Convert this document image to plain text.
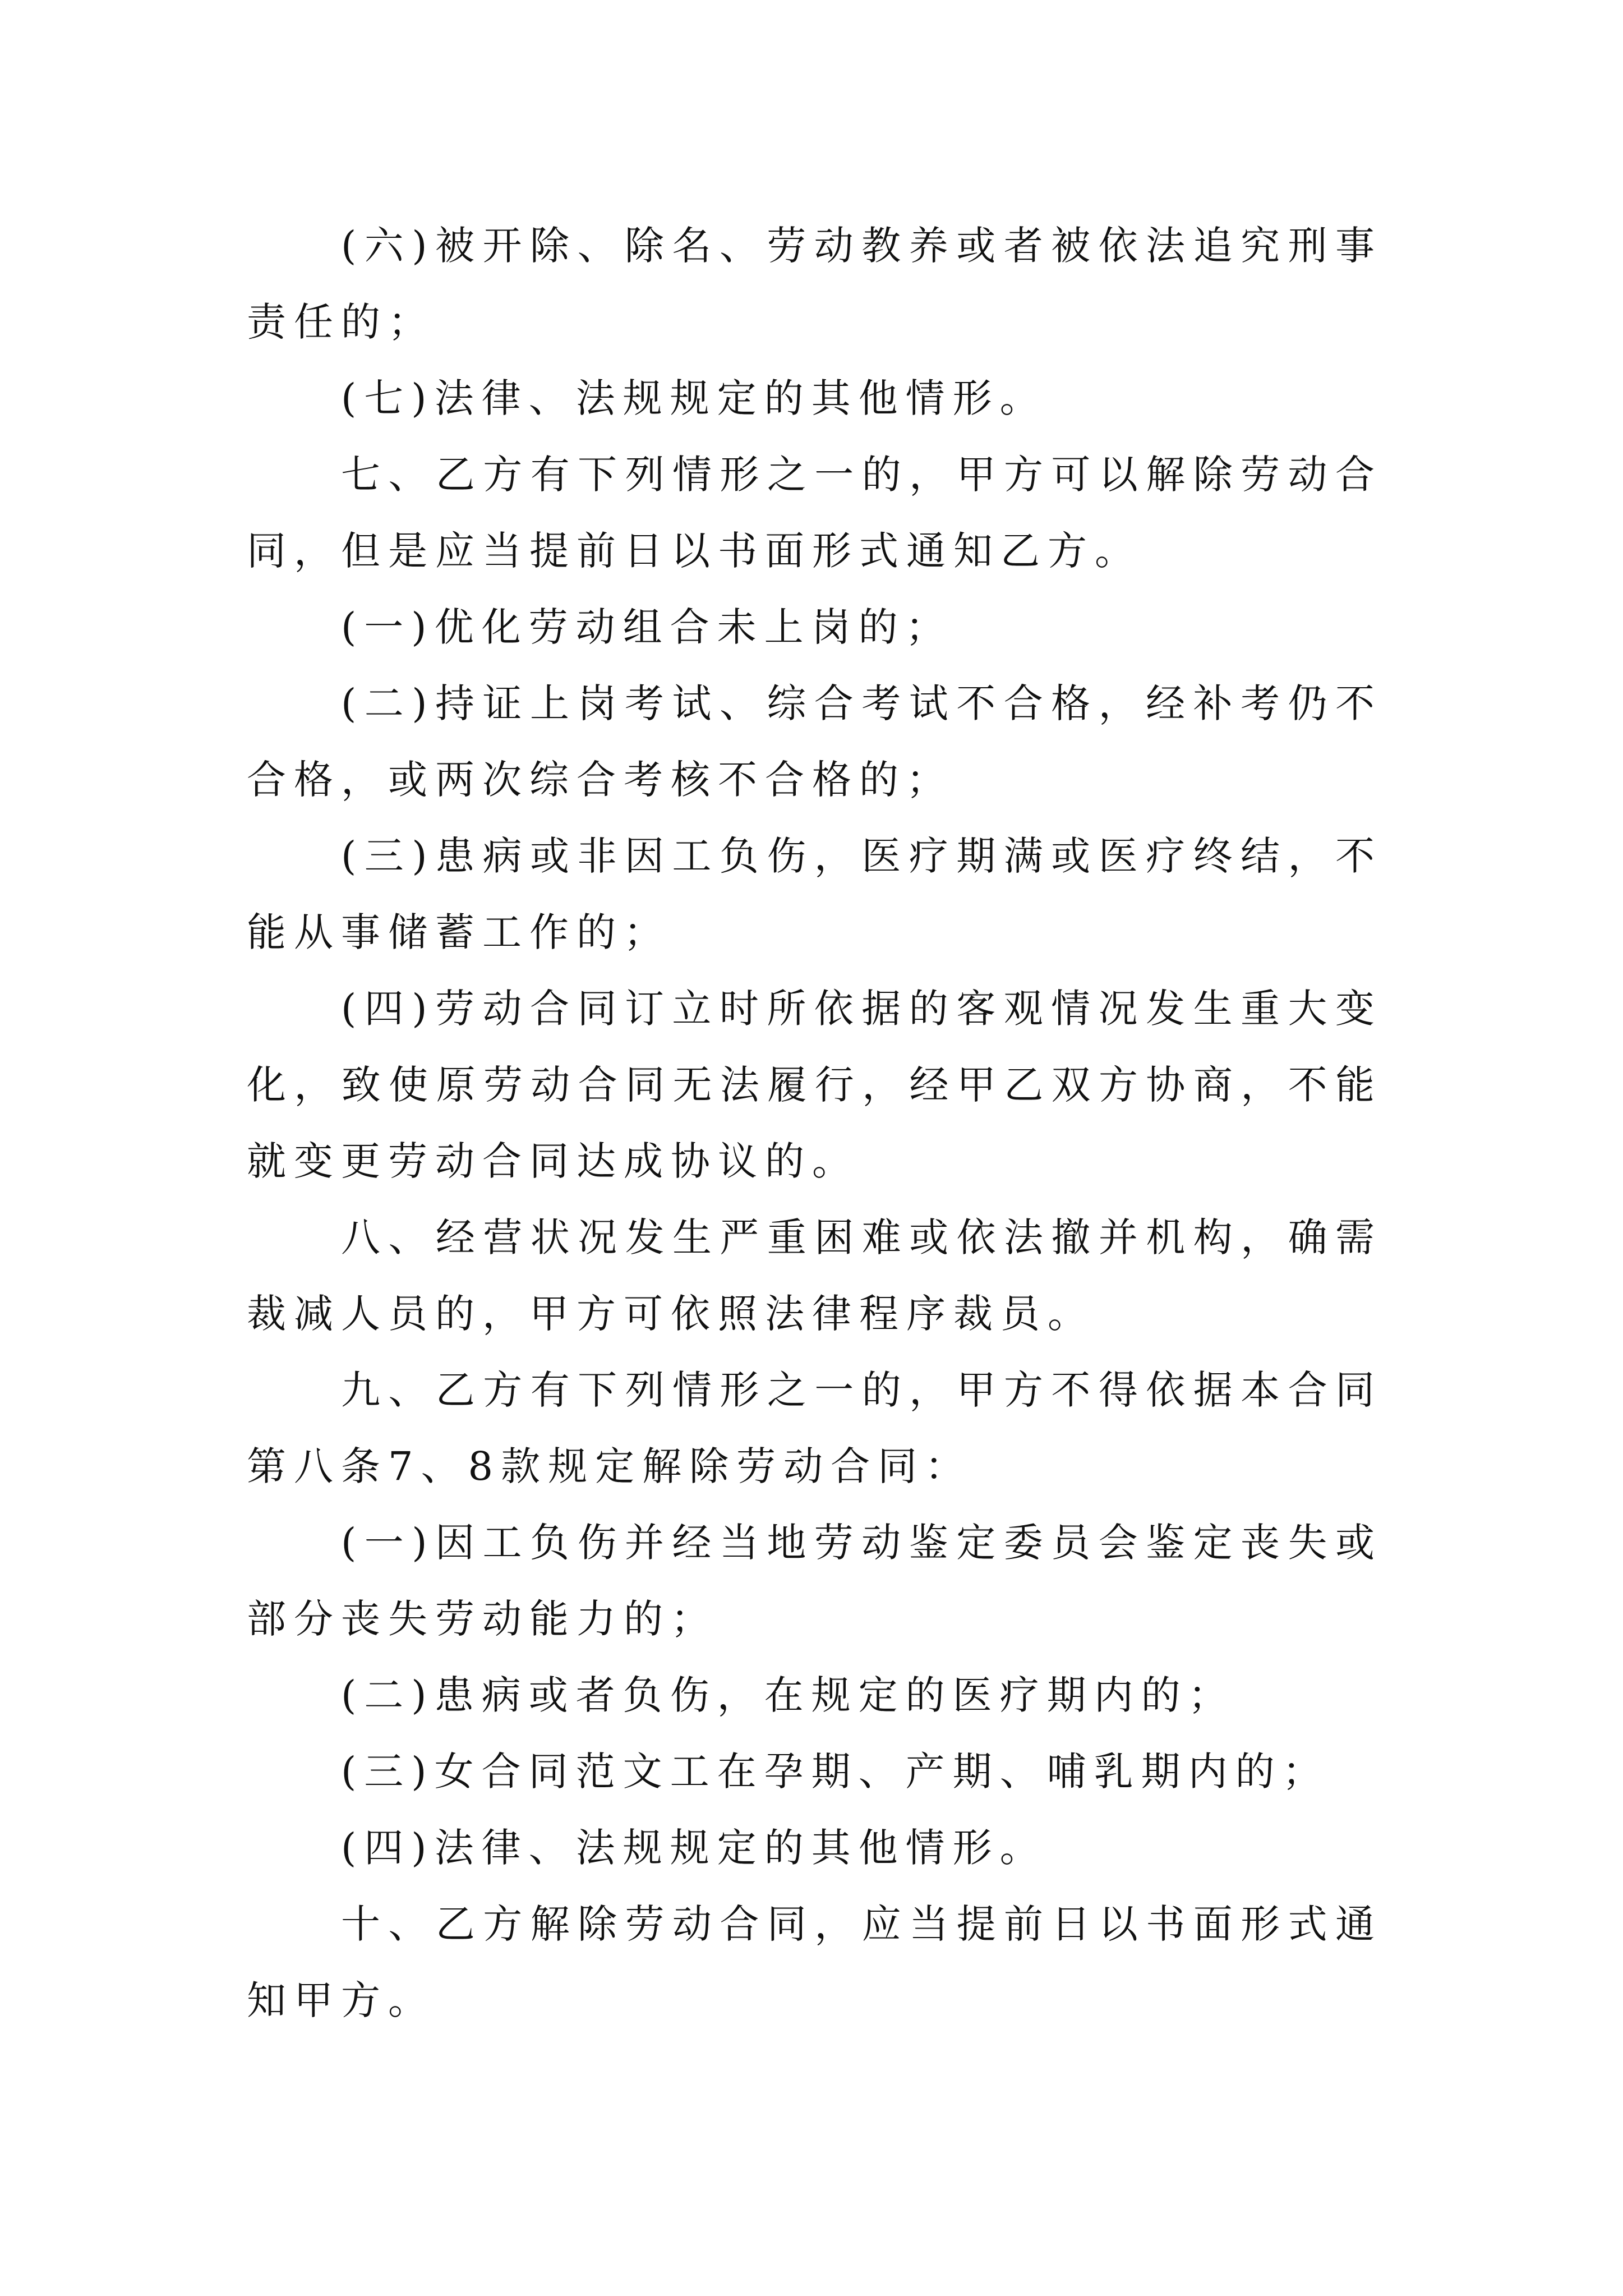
(六)被开除、除名、劳动教养或者被依法追究刑事责任的；

(七)法律、法规规定的其他情形。

七、乙方有下列情形之一的，甲方可以解除劳动合同，但是应当提前日以书面形式通知乙方。

(一)优化劳动组合未上岗的；

(二)持证上岗考试、综合考试不合格，经补考仍不合格，或两次综合考核不合格的；

(三)患病或非因工负伤，医疗期满或医疗终结，不能从事储蓄工作的；

(四)劳动合同订立时所依据的客观情况发生重大变化，致使原劳动合同无法履行，经甲乙双方协商，不能就变更劳动合同达成协议的。

八、经营状况发生严重困难或依法撤并机构，确需裁减人员的，甲方可依照法律程序裁员。

九、乙方有下列情形之一的，甲方不得依据本合同第八条7、8款规定解除劳动合同：

(一)因工负伤并经当地劳动鉴定委员会鉴定丧失或部分丧失劳动能力的；

(二)患病或者负伤，在规定的医疗期内的；

(三)女合同范文工在孕期、产期、哺乳期内的；

(四)法律、法规规定的其他情形。

十、乙方解除劳动合同，应当提前日以书面形式通知甲方。
